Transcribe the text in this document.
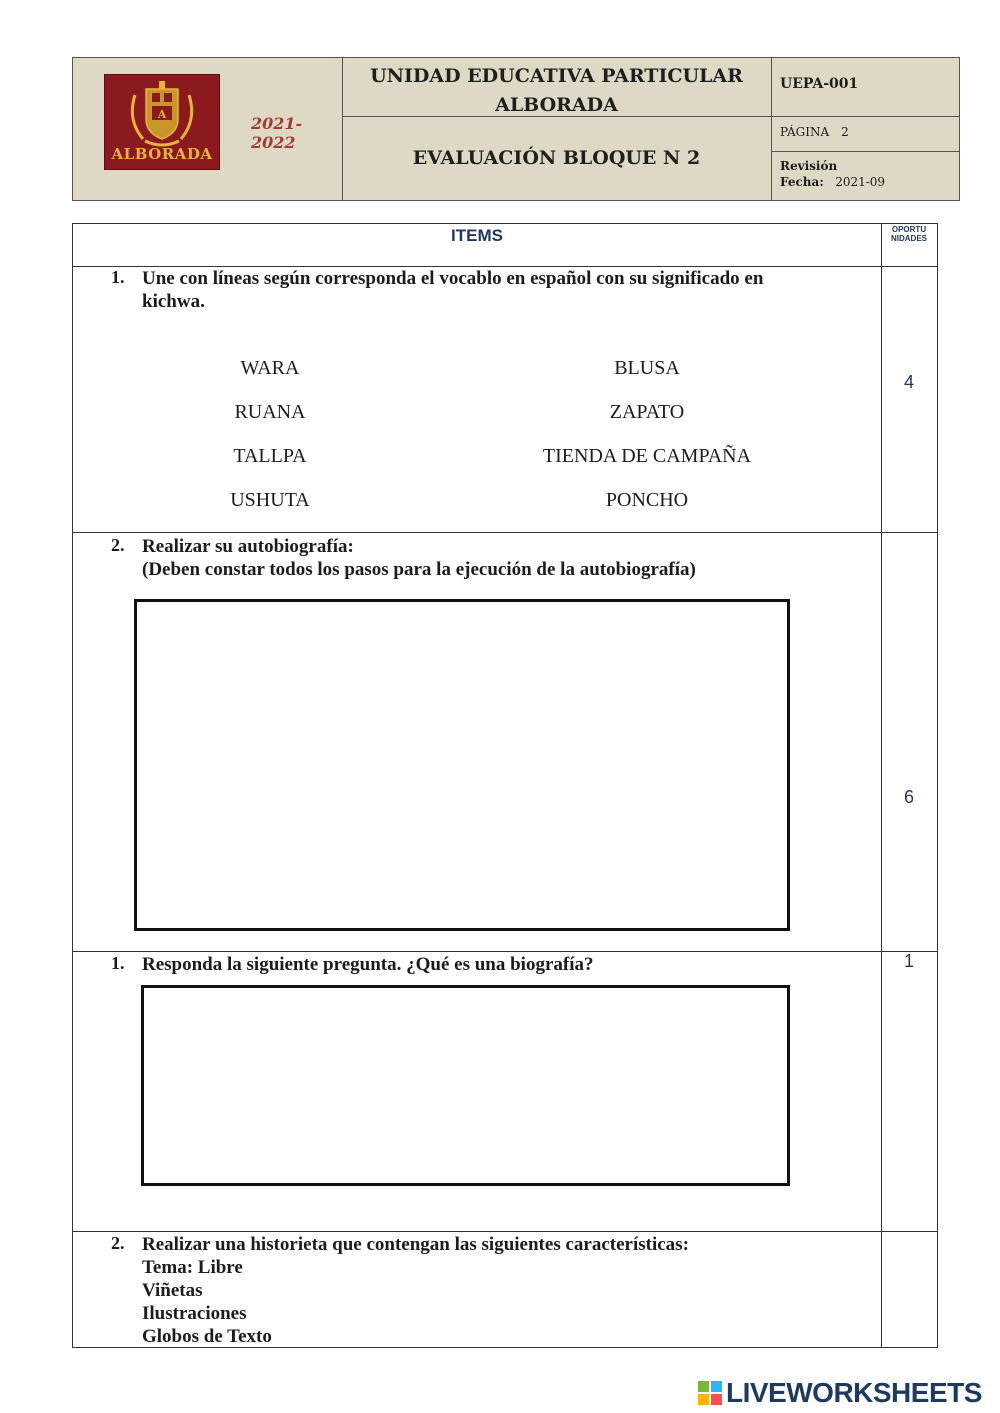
A
ALBORADA
2021-2022
UNIDAD EDUCATIVA PARTICULAR
ALBORADA
EVALUACIÓN BLOQUE N 2
UEPA-001
PÁGINA 2
Revisión
Fecha: 2021-09
ITEMS	OPORTU
NIDADES
1. Une con líneas según corresponda el vocablo en español con su significado en
kichwa.
WARA
RUANA
TALLPA
USHUTA
BLUSA
ZAPATO
TIENDA DE CAMPAÑA
PONCHO
4
2. Realizar su autobiografía:
(Deben constar todos los pasos para la ejecución de la autobiografía)
6
1. Responda la siguiente pregunta. ¿Qué es una biografía?	1
2. Realizar una historieta que contengan las siguientes características:
Tema: Libre
Viñetas
Ilustraciones
Globos de Texto
LIVEWORKSHEETS
